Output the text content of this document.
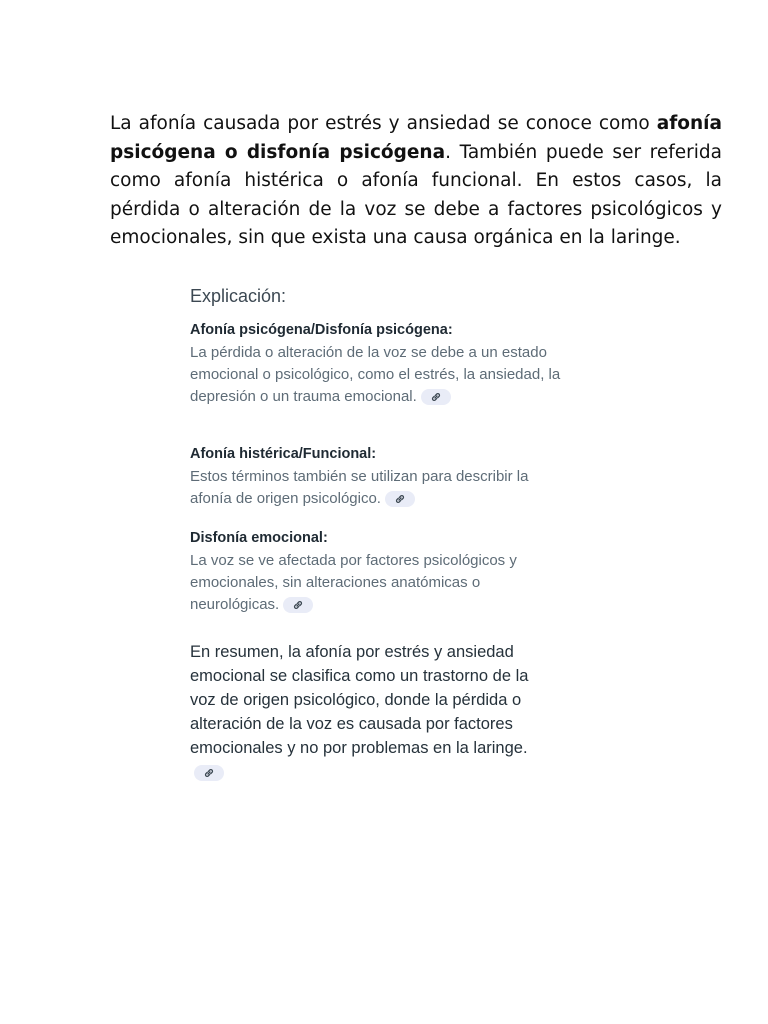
La afonía causada por estrés y ansiedad se conoce como afonía psicógena o disfonía psicógena. También puede ser referida como afonía histérica o afonía funcional. En estos casos, la pérdida o alteración de la voz se debe a factores psicológicos y emocionales, sin que exista una causa orgánica en la laringe.

Explicación:
Afonía psicógena/Disfonía psicógena:

La pérdida o alteración de la voz se debe a un estado emocional o psicológico, como el estrés, la ansiedad, la depresión o un trauma emocional.

Afonía histérica/Funcional:

Estos términos también se utilizan para describir la afonía de origen psicológico.

Disfonía emocional:

La voz se ve afectada por factores psicológicos y emocionales, sin alteraciones anatómicas o neurológicas.

En resumen, la afonía por estrés y ansiedad emocional se clasifica como un trastorno de la voz de origen psicológico, donde la pérdida o alteración de la voz es causada por factores emocionales y no por problemas en la laringe.
